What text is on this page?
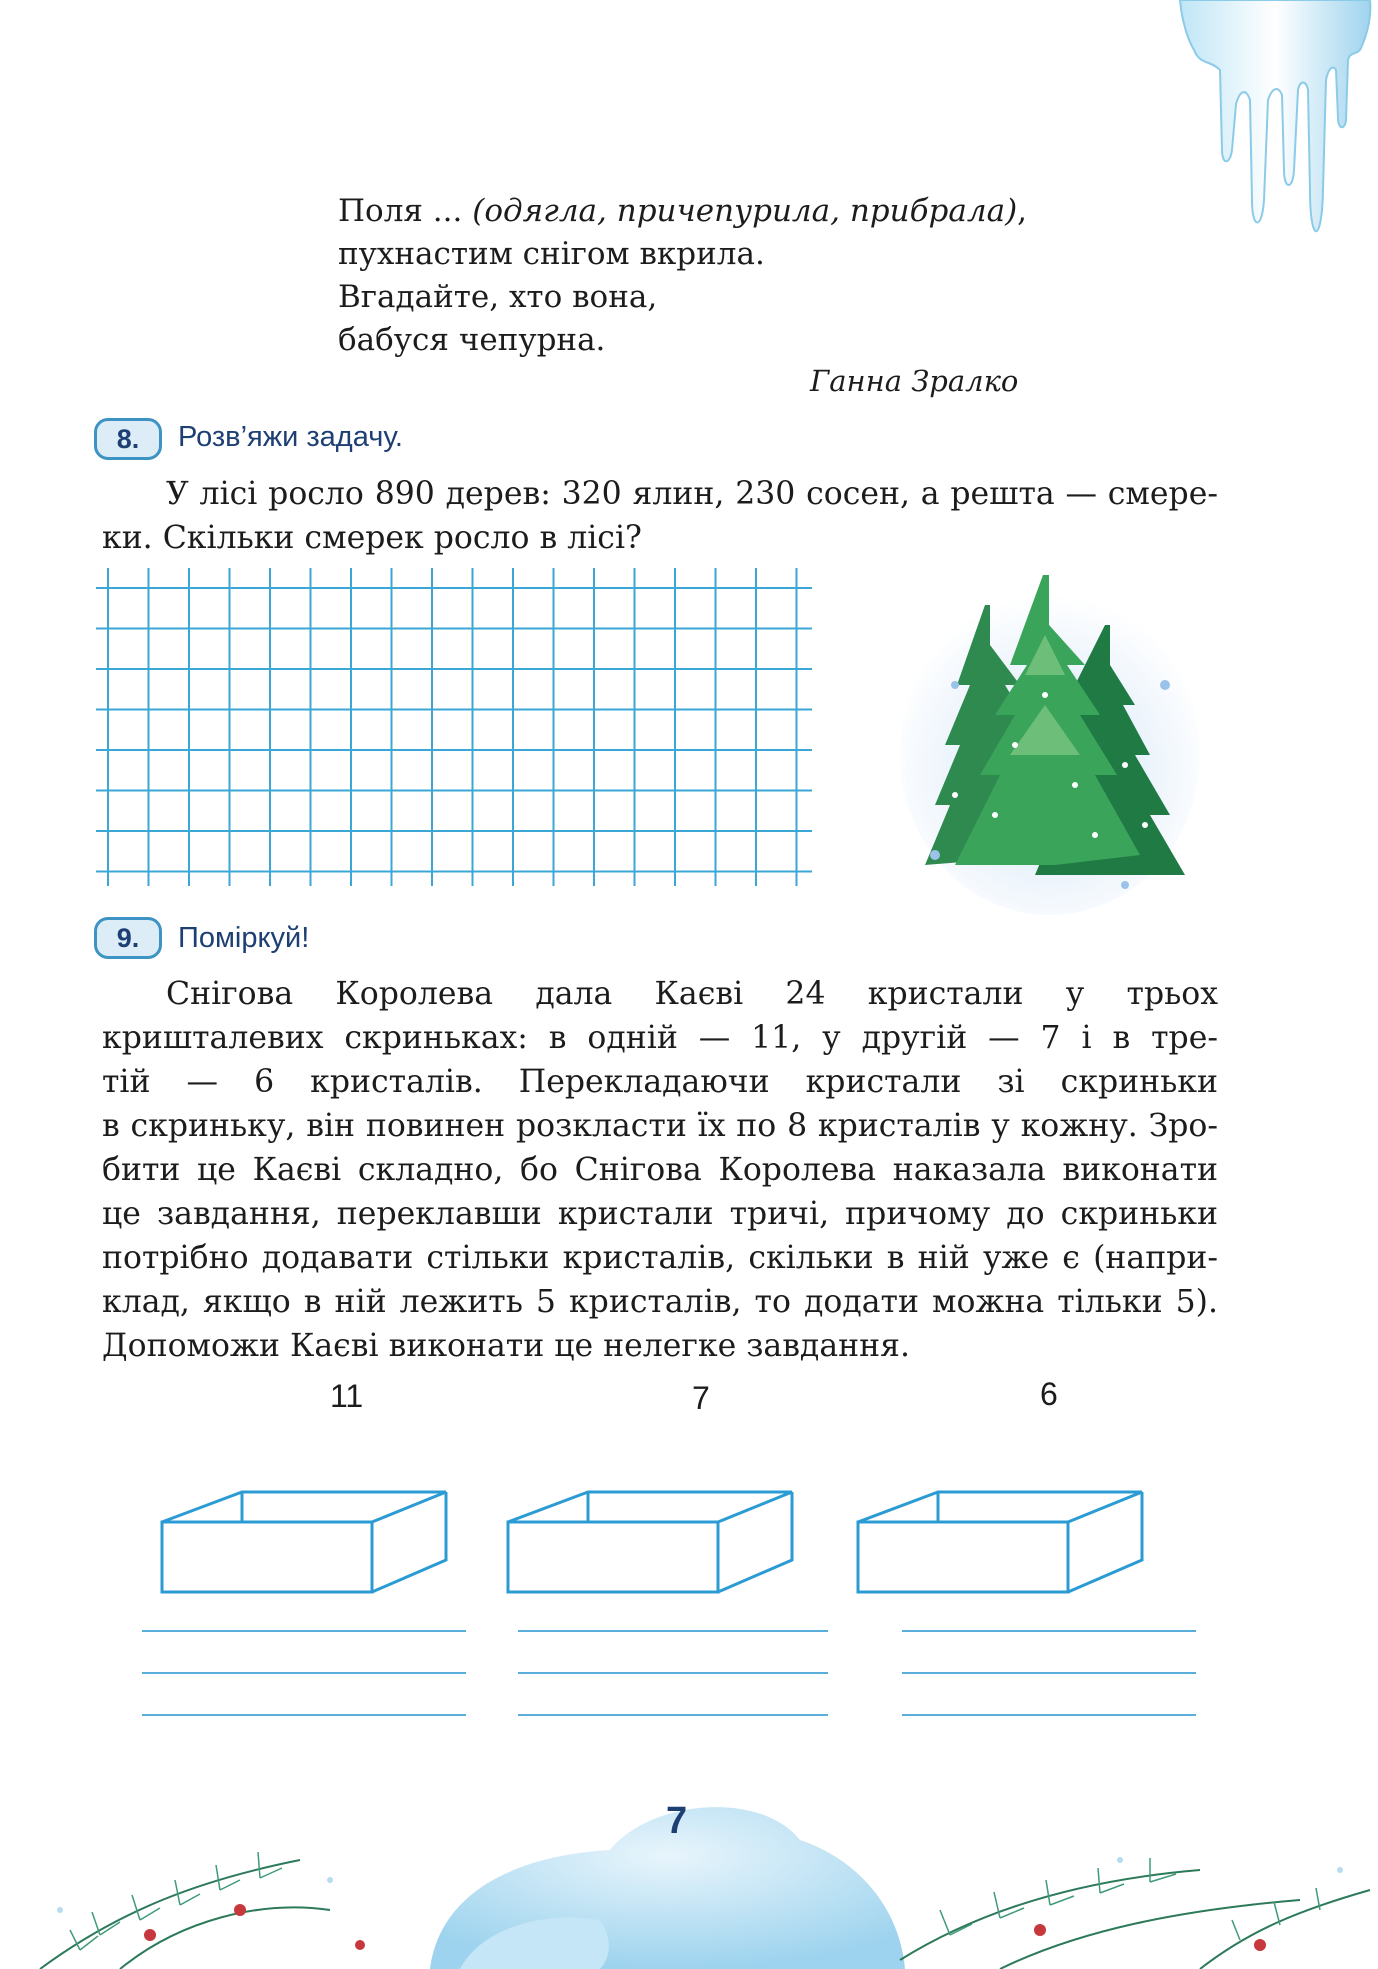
Поля ... (одягла, причепурила, прибрала),
пухнастим снігом вкрила.
Вгадайте, хто вона,
бабуся чепурна.
Ганна Зралко
8.	Розв’яжи задачу.
У лісі росло 890 дерев: 320 ялин, 230 сосен, а решта — смере-
ки. Скільки смерек росло в лісі?
9.	Поміркуй!
Снігова Королева дала Каєві 24 кристали у трьох
кришталевих скриньках: в одній — 11, у другій — 7 і в тре-
тій — 6 кристалів. Перекладаючи кристали зі скриньки
в скриньку, він повинен розкласти їх по 8 кристалів у кожну. Зро-
бити це Каєві складно, бо Снігова Королева наказала виконати
це завдання, переклавши кристали тричі, причому до скриньки
потрібно додавати стільки кристалів, скільки в ній уже є (напри-
клад, якщо в ній лежить 5 кристалів, то додати можна тільки 5).
Допоможи Каєві виконати це нелегке завдання.
11	7	6
7
